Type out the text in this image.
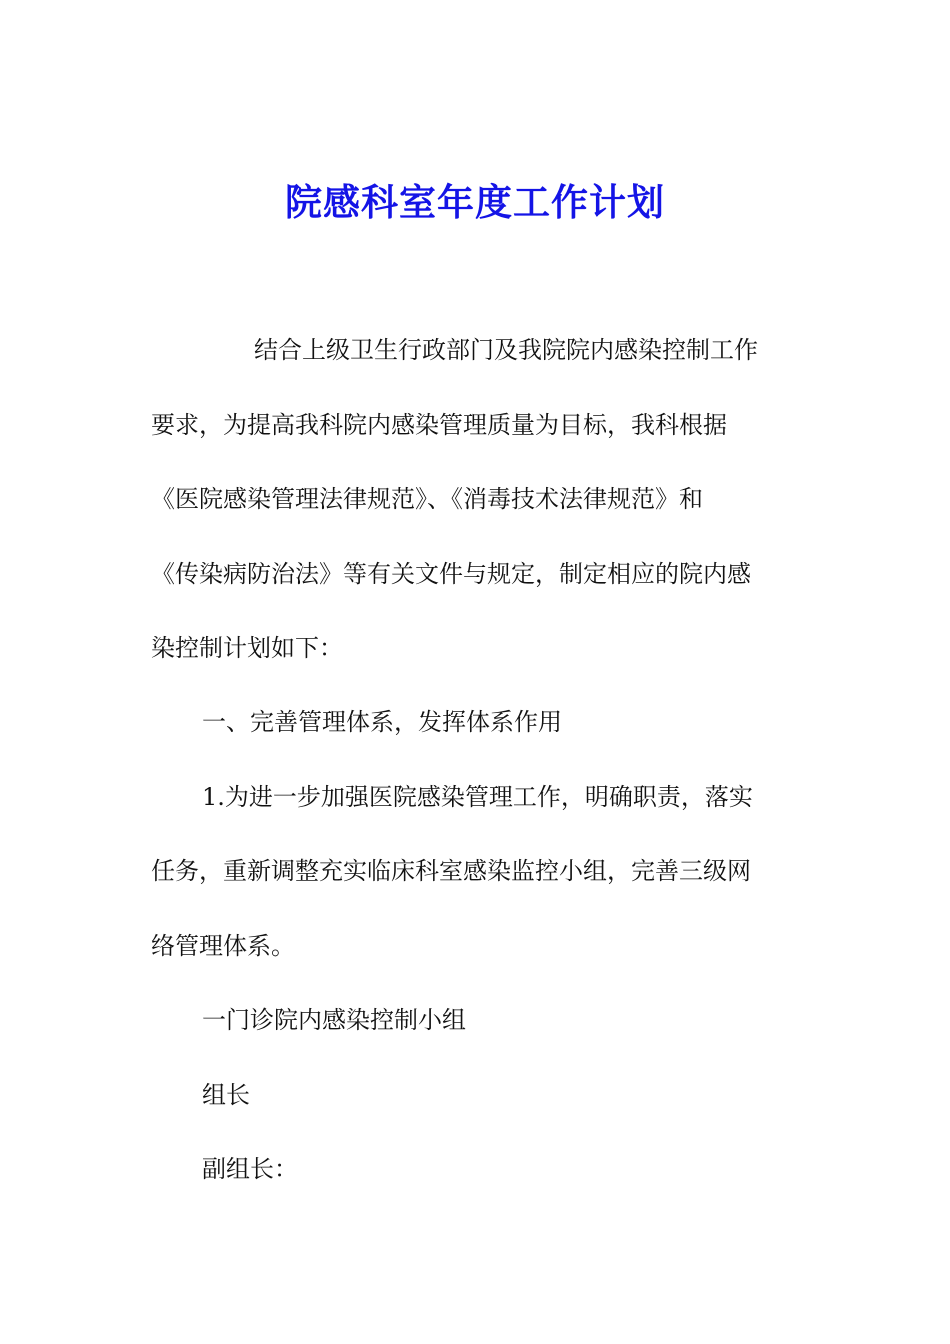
院感科室年度工作计划

结合上级卫生行政部门及我院院内感染控制工作

要求，为提高我科院内感染管理质量为目标，我科根据

《医院感染管理法律规范》、《消毒技术法律规范》和

《传染病防治法》等有关文件与规定，制定相应的院内感

染控制计划如下：

一、完善管理体系，发挥体系作用

1.为进一步加强医院感染管理工作，明确职责，落实

任务，重新调整充实临床科室感染监控小组，完善三级网

络管理体系。

一门诊院内感染控制小组

组长

副组长：
